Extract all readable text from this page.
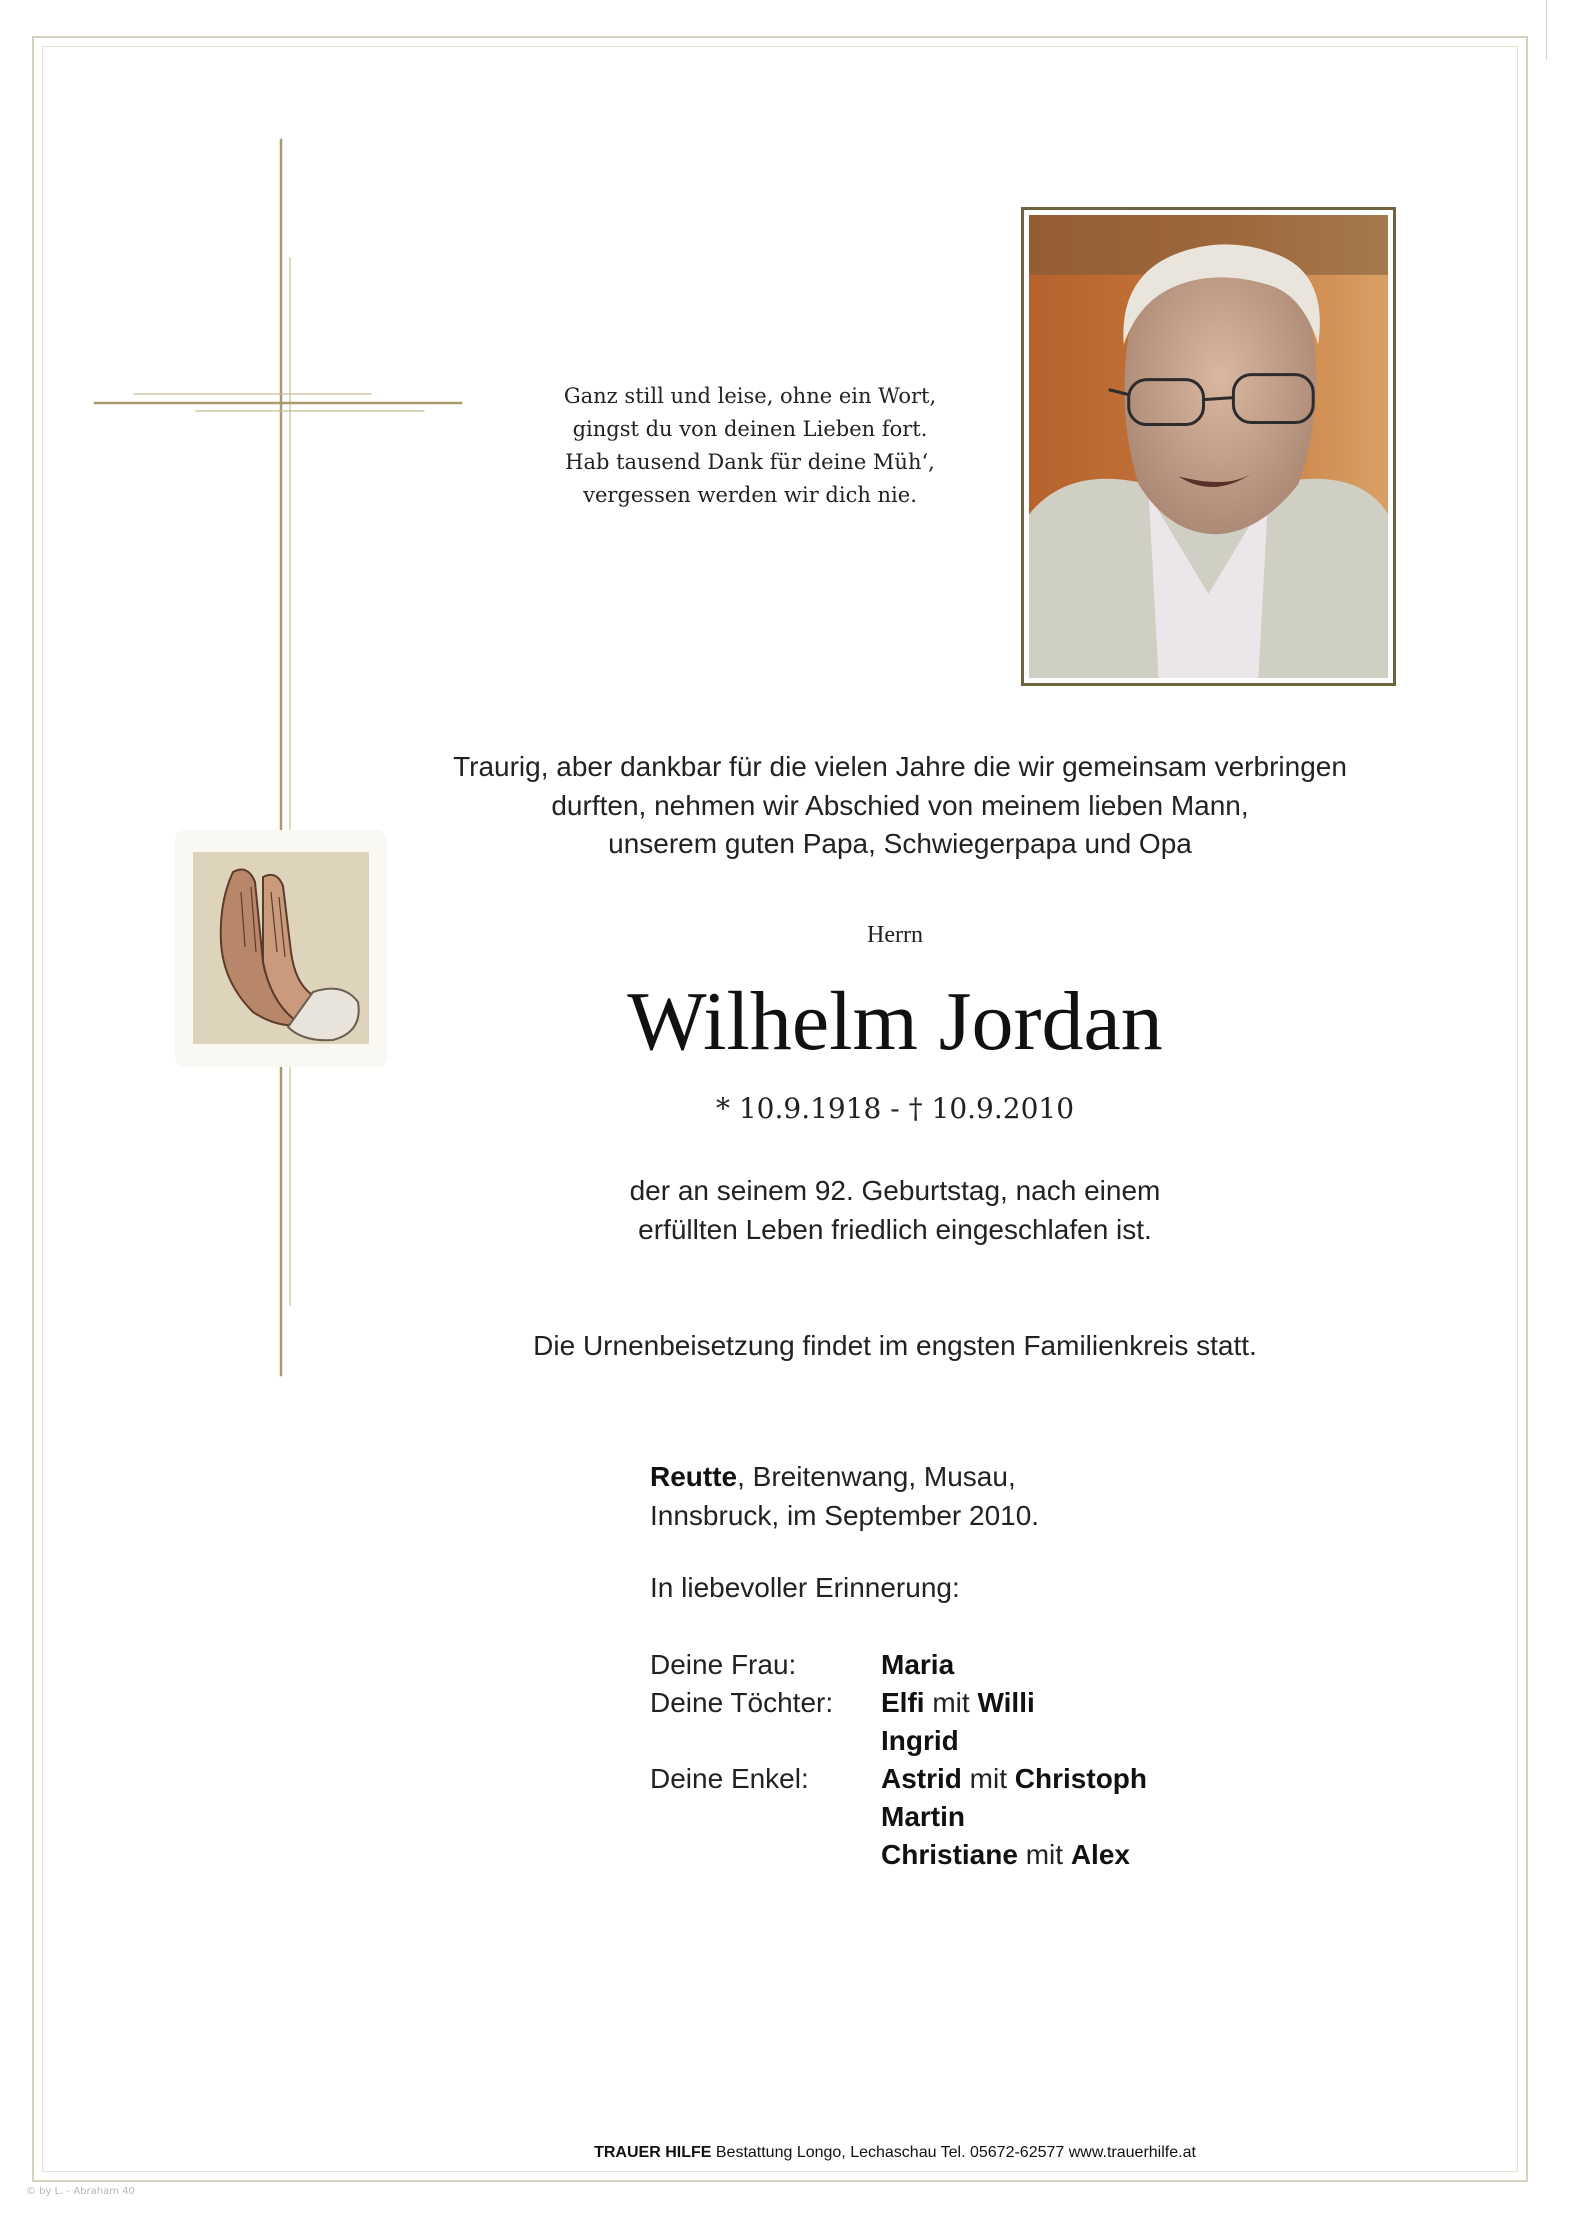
Ganz still und leise, ohne ein Wort,
gingst du von deinen Lieben fort.
Hab tausend Dank für deine Müh‘,
vergessen werden wir dich nie.
Traurig, aber dankbar für die vielen Jahre die wir gemeinsam verbringen
durften, nehmen wir Abschied von meinem lieben Mann,
unserem guten Papa, Schwiegerpapa und Opa
Herrn
Wilhelm Jordan
* 10.9.1918 - † 10.9.2010
der an seinem 92. Geburtstag, nach einem
erfüllten Leben friedlich eingeschlafen ist.
Die Urnenbeisetzung findet im engsten Familienkreis statt.
Reutte, Breitenwang, Musau,
Innsbruck, im September 2010.
In liebevoller Erinnerung:
Deine Frau:	Maria
Deine Töchter:	Elfi mit Willi
Ingrid
Deine Enkel:	Astrid mit Christoph
Martin
Christiane mit Alex
TRAUER HILFE Bestattung Longo, Lechaschau Tel. 05672-62577 www.trauerhilfe.at
© by L. - Abraham 40
